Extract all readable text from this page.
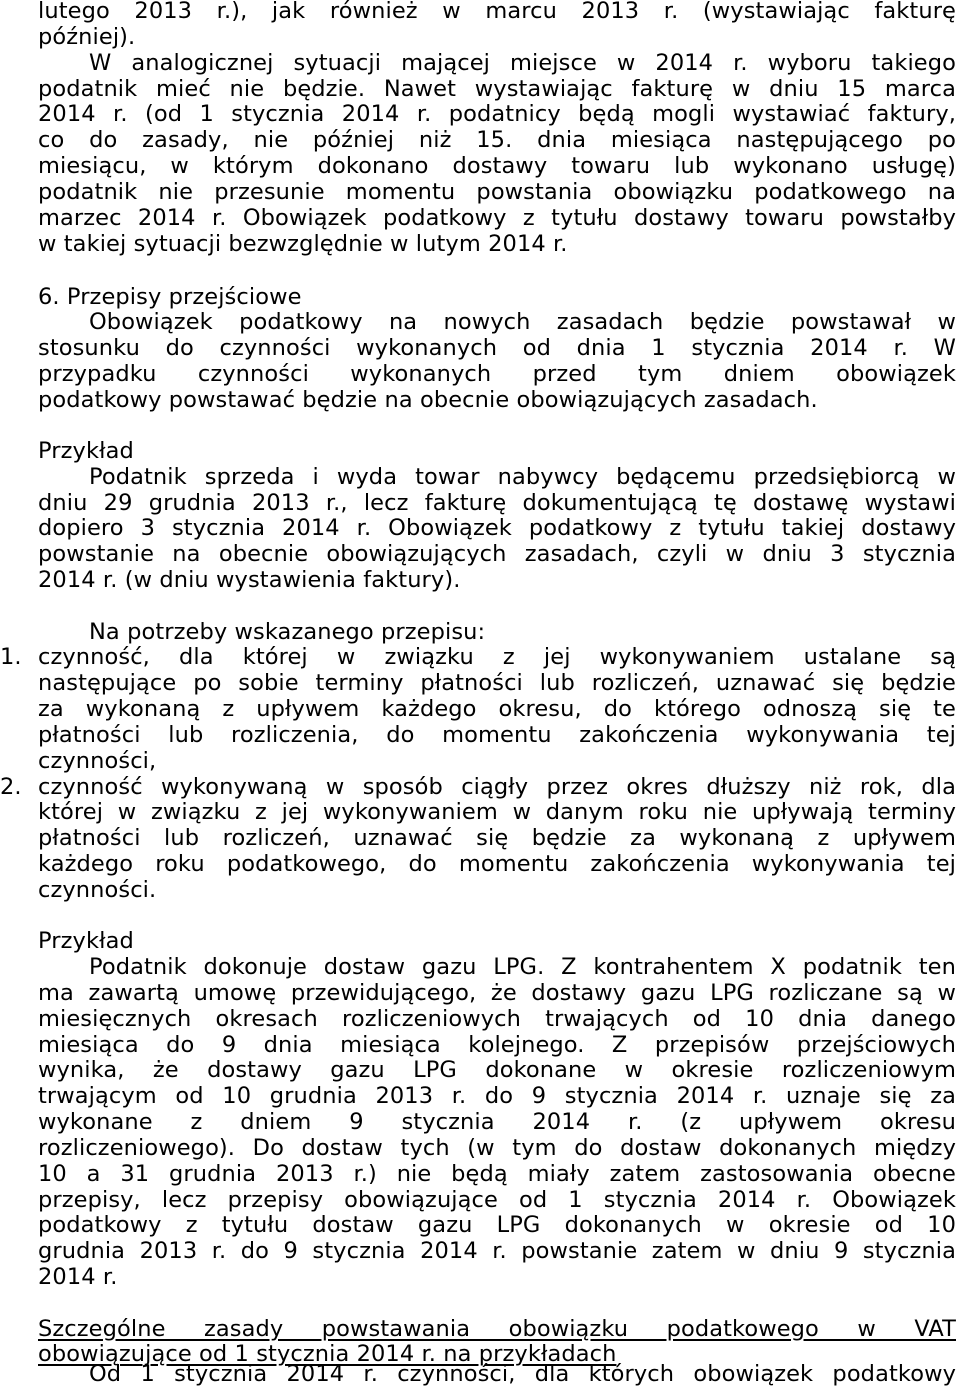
lutego 2013 r.), jak również w marcu 2013 r. (wystawiając fakturę
później).
W analogicznej sytuacji mającej miejsce w 2014 r. wyboru takiego
podatnik mieć nie będzie. Nawet wystawiając fakturę w dniu 15 marca
2014 r. (od 1 stycznia 2014 r. podatnicy będą mogli wystawiać faktury,
co do zasady, nie później niż 15. dnia miesiąca następującego po
miesiącu, w którym dokonano dostawy towaru lub wykonano usługę)
podatnik nie przesunie momentu powstania obowiązku podatkowego na
marzec 2014 r. Obowiązek podatkowy z tytułu dostawy towaru powstałby
w takiej sytuacji bezwzględnie w lutym 2014 r.
6. Przepisy przejściowe
Obowiązek podatkowy na nowych zasadach będzie powstawał w
stosunku do czynności wykonanych od dnia 1 stycznia 2014 r. W
przypadku czynności wykonanych przed tym dniem obowiązek
podatkowy powstawać będzie na obecnie obowiązujących zasadach.
Przykład
Podatnik sprzeda i wyda towar nabywcy będącemu przedsiębiorcą w
dniu 29 grudnia 2013 r., lecz fakturę dokumentującą tę dostawę wystawi
dopiero 3 stycznia 2014 r. Obowiązek podatkowy z tytułu takiej dostawy
powstanie na obecnie obowiązujących zasadach, czyli w dniu 3 stycznia
2014 r. (w dniu wystawienia faktury).
Na potrzeby wskazanego przepisu:
1. czynność, dla której w związku z jej wykonywaniem ustalane są
następujące po sobie terminy płatności lub rozliczeń, uznawać się będzie
za wykonaną z upływem każdego okresu, do którego odnoszą się te
płatności lub rozliczenia, do momentu zakończenia wykonywania tej
czynności,
2. czynność wykonywaną w sposób ciągły przez okres dłuższy niż rok, dla
której w związku z jej wykonywaniem w danym roku nie upływają terminy
płatności lub rozliczeń, uznawać się będzie za wykonaną z upływem
każdego roku podatkowego, do momentu zakończenia wykonywania tej
czynności.
Przykład
Podatnik dokonuje dostaw gazu LPG. Z kontrahentem X podatnik ten
ma zawartą umowę przewidującego, że dostawy gazu LPG rozliczane są w
miesięcznych okresach rozliczeniowych trwających od 10 dnia danego
miesiąca do 9 dnia miesiąca kolejnego. Z przepisów przejściowych
wynika, że dostawy gazu LPG dokonane w okresie rozliczeniowym
trwającym od 10 grudnia 2013 r. do 9 stycznia 2014 r. uznaje się za
wykonane z dniem 9 stycznia 2014 r. (z upływem okresu
rozliczeniowego). Do dostaw tych (w tym do dostaw dokonanych między
10 a 31 grudnia 2013 r.) nie będą miały zatem zastosowania obecne
przepisy, lecz przepisy obowiązujące od 1 stycznia 2014 r. Obowiązek
podatkowy z tytułu dostaw gazu LPG dokonanych w okresie od 10
grudnia 2013 r. do 9 stycznia 2014 r. powstanie zatem w dniu 9 stycznia
2014 r.
Szczególne zasady powstawania obowiązku podatkowego w VAT
obowiązujące od 1 stycznia 2014 r. na przykładach
Od 1 stycznia 2014 r. czynności, dla których obowiązek podatkowy
